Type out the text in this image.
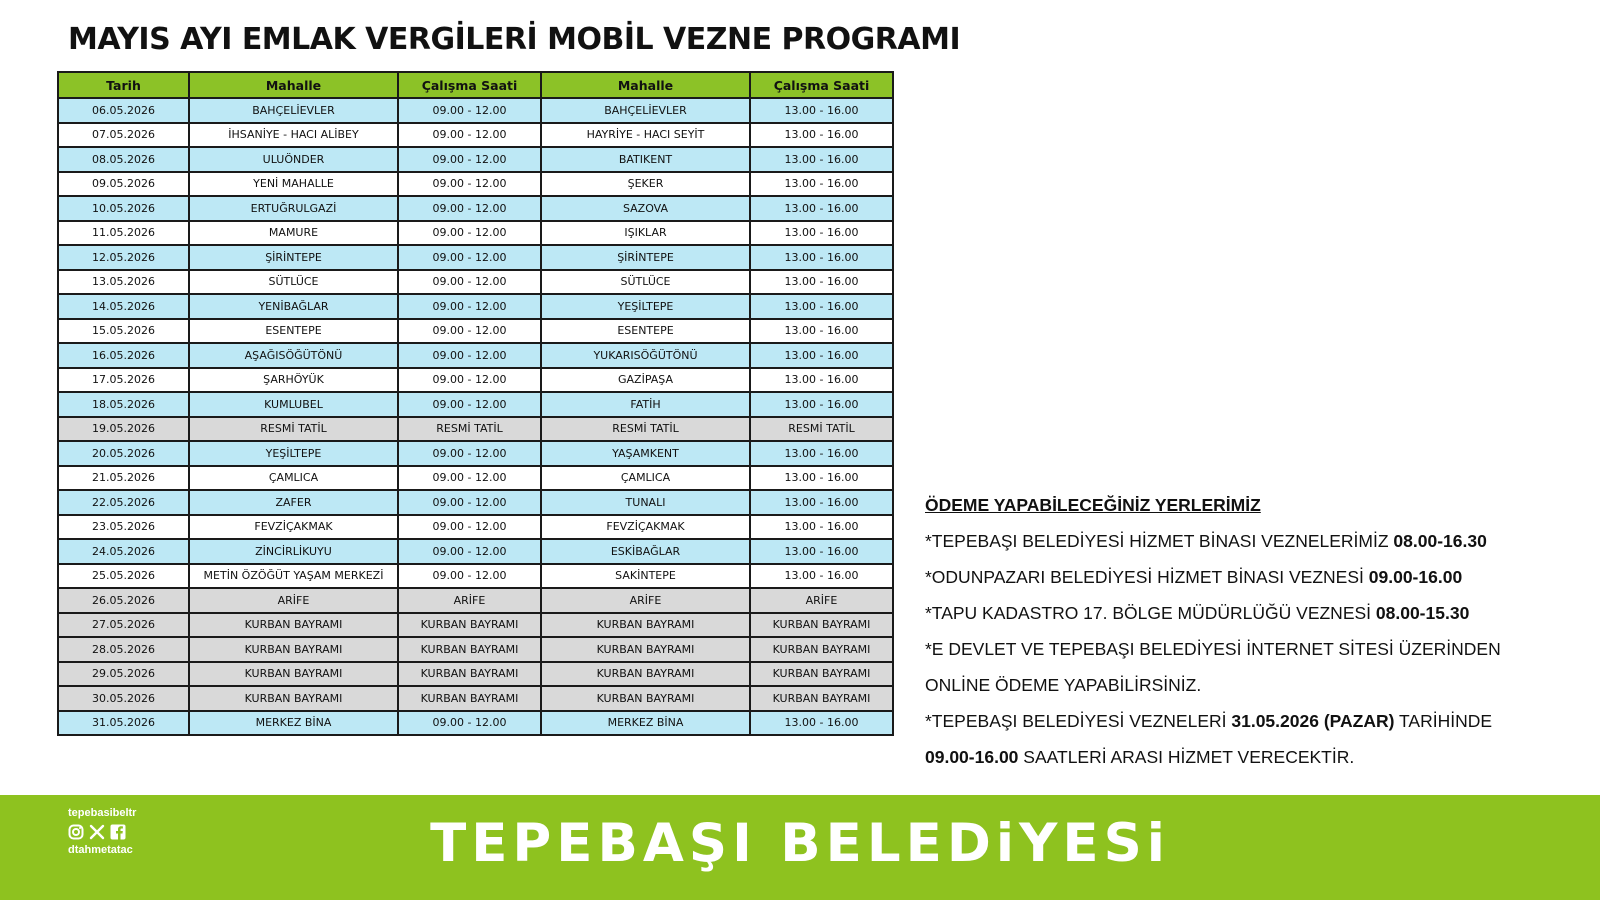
MAYIS AYI EMLAK VERGİLERİ MOBİL VEZNE PROGRAMI
Tarih	Mahalle	Çalışma Saati	Mahalle	Çalışma Saati
06.05.2026	BAHÇELİEVLER	09.00 - 12.00	BAHÇELİEVLER	13.00 - 16.00
07.05.2026	İHSANİYE - HACI ALİBEY	09.00 - 12.00	HAYRİYE - HACI SEYİT	13.00 - 16.00
08.05.2026	ULUÖNDER	09.00 - 12.00	BATIKENT	13.00 - 16.00
09.05.2026	YENİ MAHALLE	09.00 - 12.00	ŞEKER	13.00 - 16.00
10.05.2026	ERTUĞRULGAZİ	09.00 - 12.00	SAZOVA	13.00 - 16.00
11.05.2026	MAMURE	09.00 - 12.00	IŞIKLAR	13.00 - 16.00
12.05.2026	ŞİRİNTEPE	09.00 - 12.00	ŞİRİNTEPE	13.00 - 16.00
13.05.2026	SÜTLÜCE	09.00 - 12.00	SÜTLÜCE	13.00 - 16.00
14.05.2026	YENİBAĞLAR	09.00 - 12.00	YEŞİLTEPE	13.00 - 16.00
15.05.2026	ESENTEPE	09.00 - 12.00	ESENTEPE	13.00 - 16.00
16.05.2026	AŞAĞISÖĞÜTÖNÜ	09.00 - 12.00	YUKARISÖĞÜTÖNÜ	13.00 - 16.00
17.05.2026	ŞARHÖYÜK	09.00 - 12.00	GAZİPAŞA	13.00 - 16.00
18.05.2026	KUMLUBEL	09.00 - 12.00	FATİH	13.00 - 16.00
19.05.2026	RESMİ TATİL	RESMİ TATİL	RESMİ TATİL	RESMİ TATİL
20.05.2026	YEŞİLTEPE	09.00 - 12.00	YAŞAMKENT	13.00 - 16.00
21.05.2026	ÇAMLICA	09.00 - 12.00	ÇAMLICA	13.00 - 16.00
22.05.2026	ZAFER	09.00 - 12.00	TUNALI	13.00 - 16.00
23.05.2026	FEVZİÇAKMAK	09.00 - 12.00	FEVZİÇAKMAK	13.00 - 16.00
24.05.2026	ZİNCİRLİKUYU	09.00 - 12.00	ESKİBAĞLAR	13.00 - 16.00
25.05.2026	METİN ÖZÖĞÜT YAŞAM MERKEZİ	09.00 - 12.00	SAKİNTEPE	13.00 - 16.00
26.05.2026	ARİFE	ARİFE	ARİFE	ARİFE
27.05.2026	KURBAN BAYRAMI	KURBAN BAYRAMI	KURBAN BAYRAMI	KURBAN BAYRAMI
28.05.2026	KURBAN BAYRAMI	KURBAN BAYRAMI	KURBAN BAYRAMI	KURBAN BAYRAMI
29.05.2026	KURBAN BAYRAMI	KURBAN BAYRAMI	KURBAN BAYRAMI	KURBAN BAYRAMI
30.05.2026	KURBAN BAYRAMI	KURBAN BAYRAMI	KURBAN BAYRAMI	KURBAN BAYRAMI
31.05.2026	MERKEZ BİNA	09.00 - 12.00	MERKEZ BİNA	13.00 - 16.00

ÖDEME YAPABİLECEĞİNİZ YERLERİMİZ

*TEPEBAŞI BELEDİYESİ HİZMET BİNASI VEZNELERİMİZ 08.00-16.30

*ODUNPAZARI BELEDİYESİ HİZMET BİNASI VEZNESİ 09.00-16.00

*TAPU KADASTRO 17. BÖLGE MÜDÜRLÜĞÜ VEZNESİ 08.00-15.30

*E DEVLET VE TEPEBAŞI BELEDİYESİ İNTERNET SİTESİ ÜZERİNDEN

ONLİNE ÖDEME YAPABİLİRSİNİZ.

*TEPEBAŞI BELEDİYESİ VEZNELERİ 31.05.2026 (PAZAR) TARİHİNDE

09.00-16.00 SAATLERİ ARASI HİZMET VERECEKTİR.

tepebasibeltr
dtahmetatac	TEPEBAŞI BELEDiYESi
